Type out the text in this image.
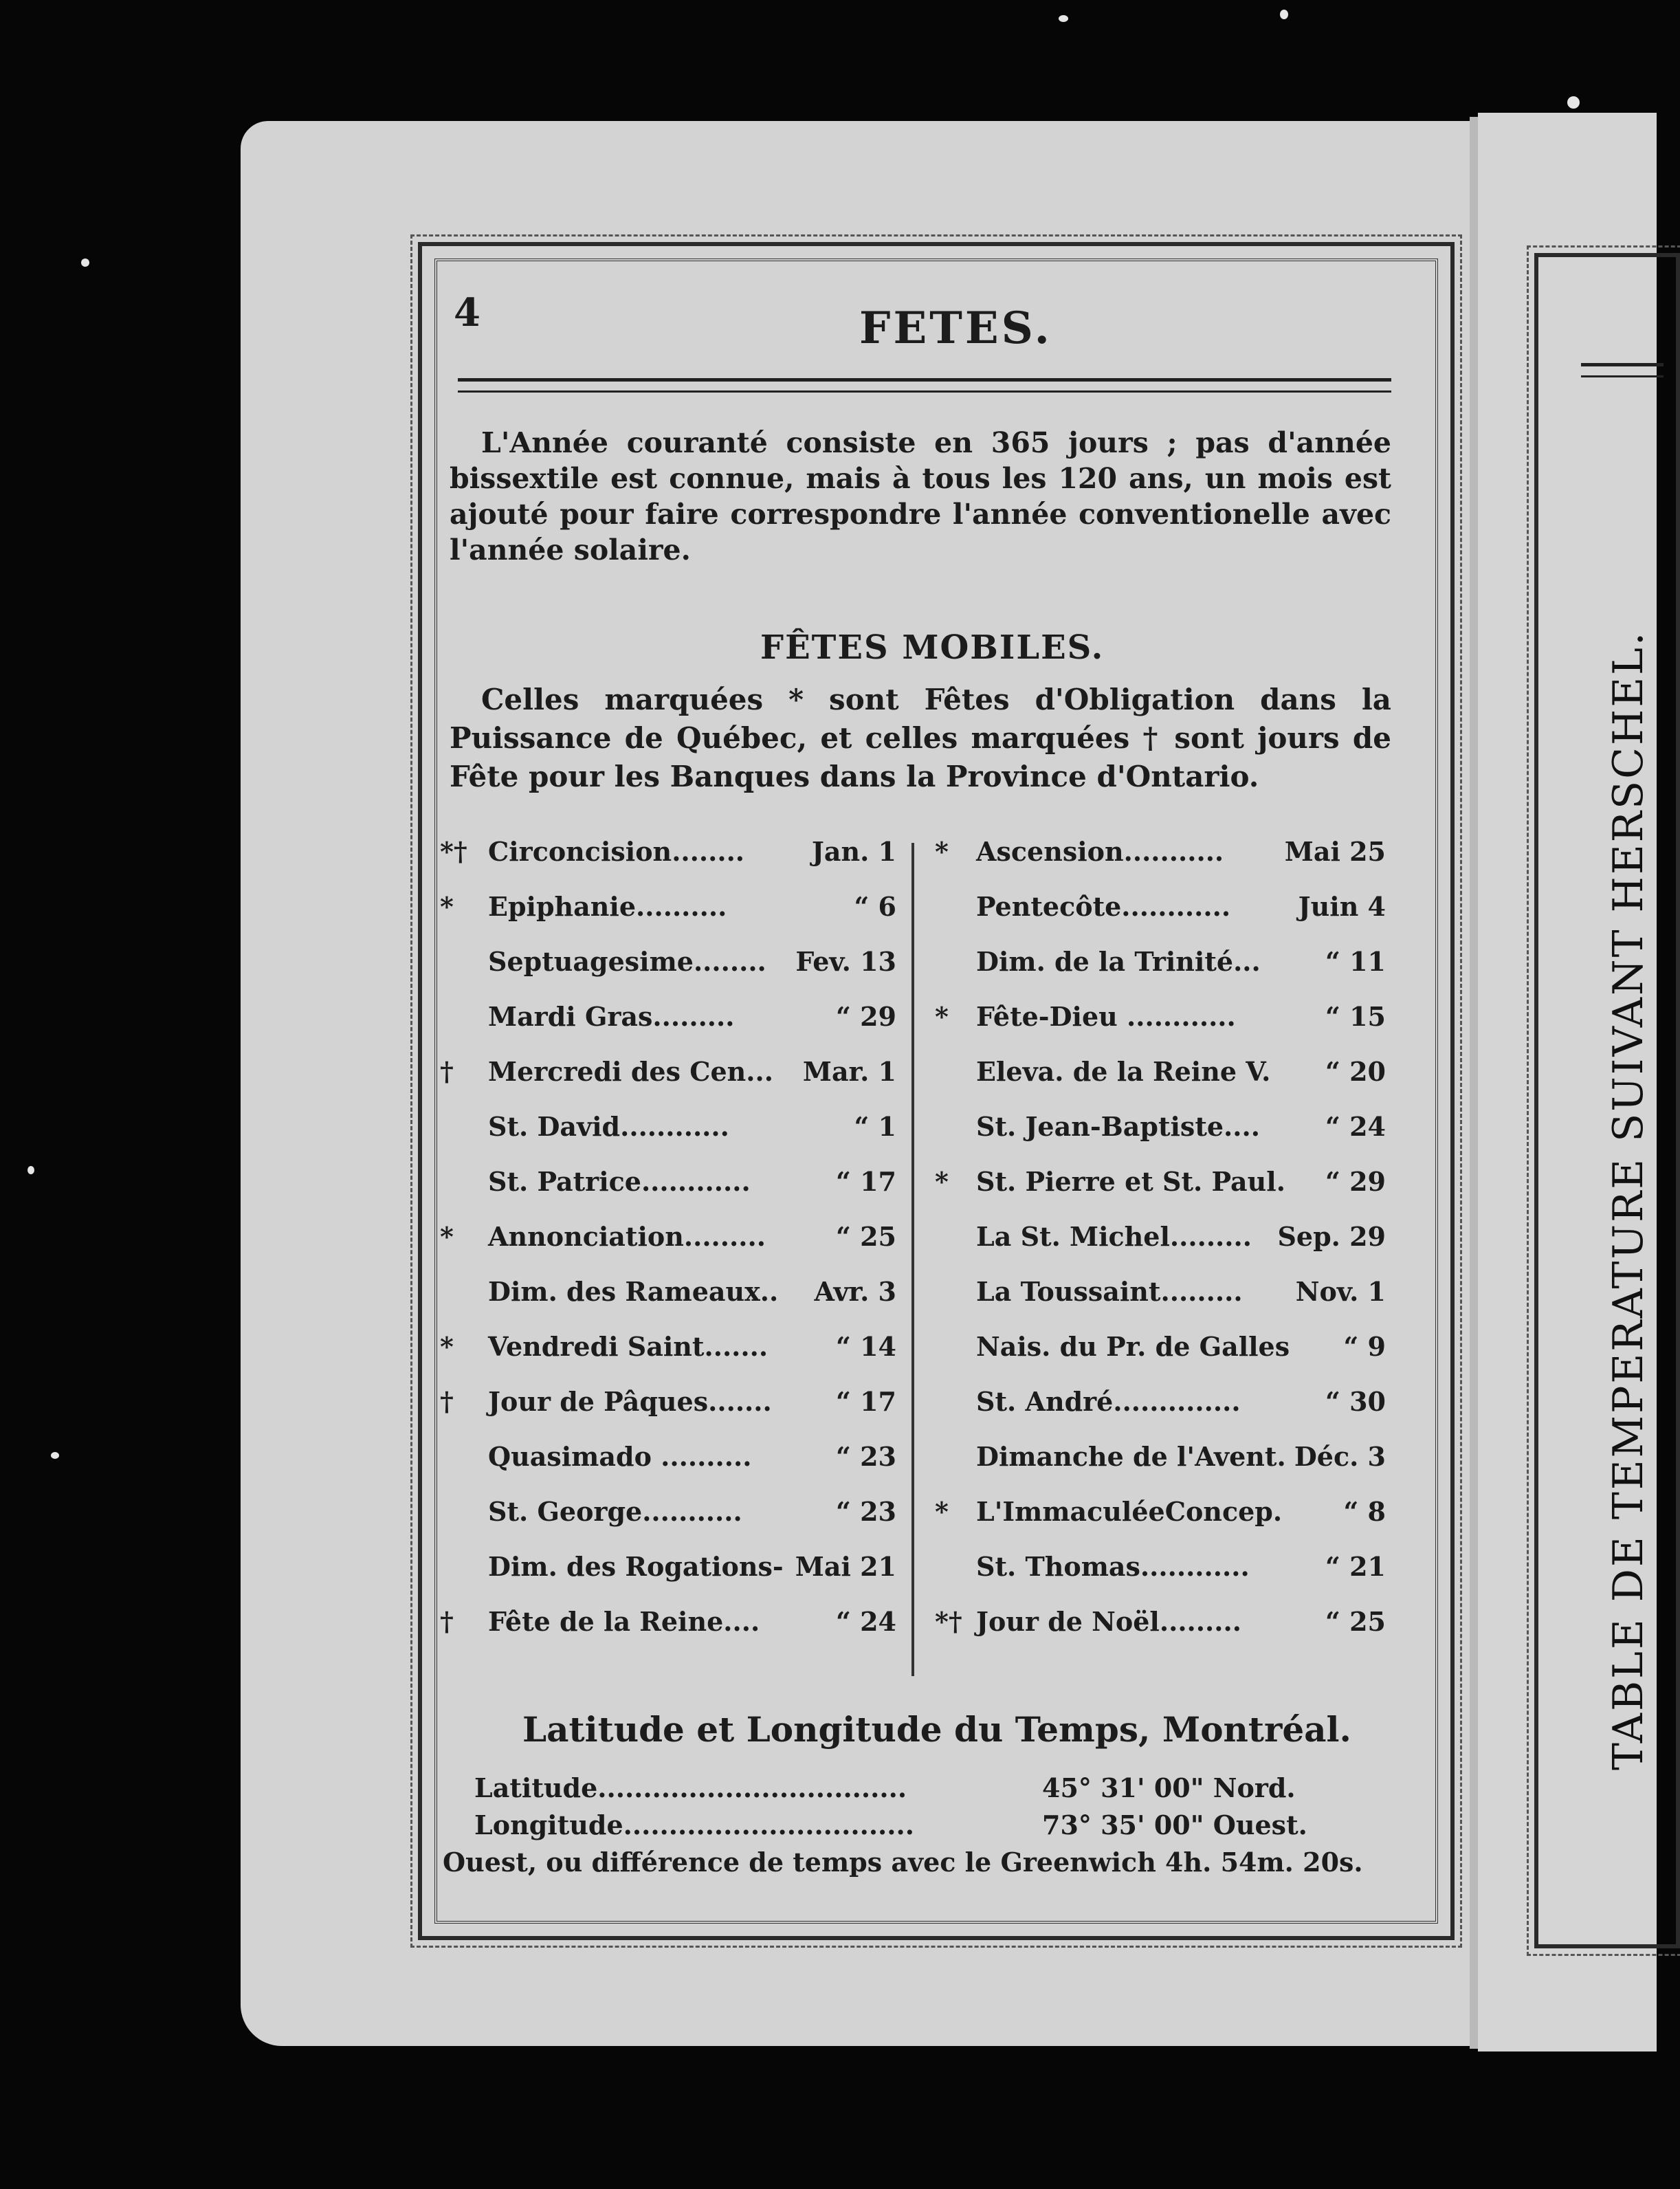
4	FETES.
L'Année couranté consiste en 365 jours ; pas d'année bissextile est connue, mais à tous les 120 ans, un mois est ajouté pour faire correspondre l'année conventionelle avec l'année solaire.
FÊTES MOBILES.
Celles marquées * sont Fêtes d'Obligation dans la Puissance de Québec, et celles marquées † sont jours de Fête pour les Banques dans la Province d'Ontario.
*† Circoncision........	Jan. 1
* Epiphanie..........	“ 6
Septuagesime........ Fev. 13
Mardi Gras.........	“ 29
† Mercredi des Cen... Mar. 1
St. David............	“ 1
St. Patrice............	“ 17
* Annonciation.........	“ 25
Dim. des Rameaux.. Avr. 3
* Vendredi Saint.......	“ 14
† Jour de Pâques....... “ 17
Quasimado ..........	“ 23
St. George...........	“ 23
Dim. des Rogations- Mai 21
† Fête de la Reine....	“ 24
* Ascension........... Mai 25
Pentecôte............	Juin 4
Dim. de la Trinité... “ 11
* Fête-Dieu ............	“ 15
Eleva. de la Reine V. “ 20
St. Jean-Baptiste....	“ 24
* St. Pierre et St. Paul. “ 29
La St. Michel......... Sep. 29
La Toussaint......... Nov. 1
Nais. du Pr. de Galles “ 9
St. André..............	“ 30
Dimanche de l'Avent. Déc. 3
* L'ImmaculéeConcep. “ 8
St. Thomas............	“ 21
*† Jour de Noël.........	“ 25
Latitude et Longitude du Temps, Montréal.
Latitude..................................	45° 31' 00" Nord.
Longitude................................	73° 35' 00" Ouest.
Ouest, ou différence de temps avec le Greenwich 4h. 54m. 20s.
TABLE DE TEMPERATURE SUIVANT HERSCHEL.
